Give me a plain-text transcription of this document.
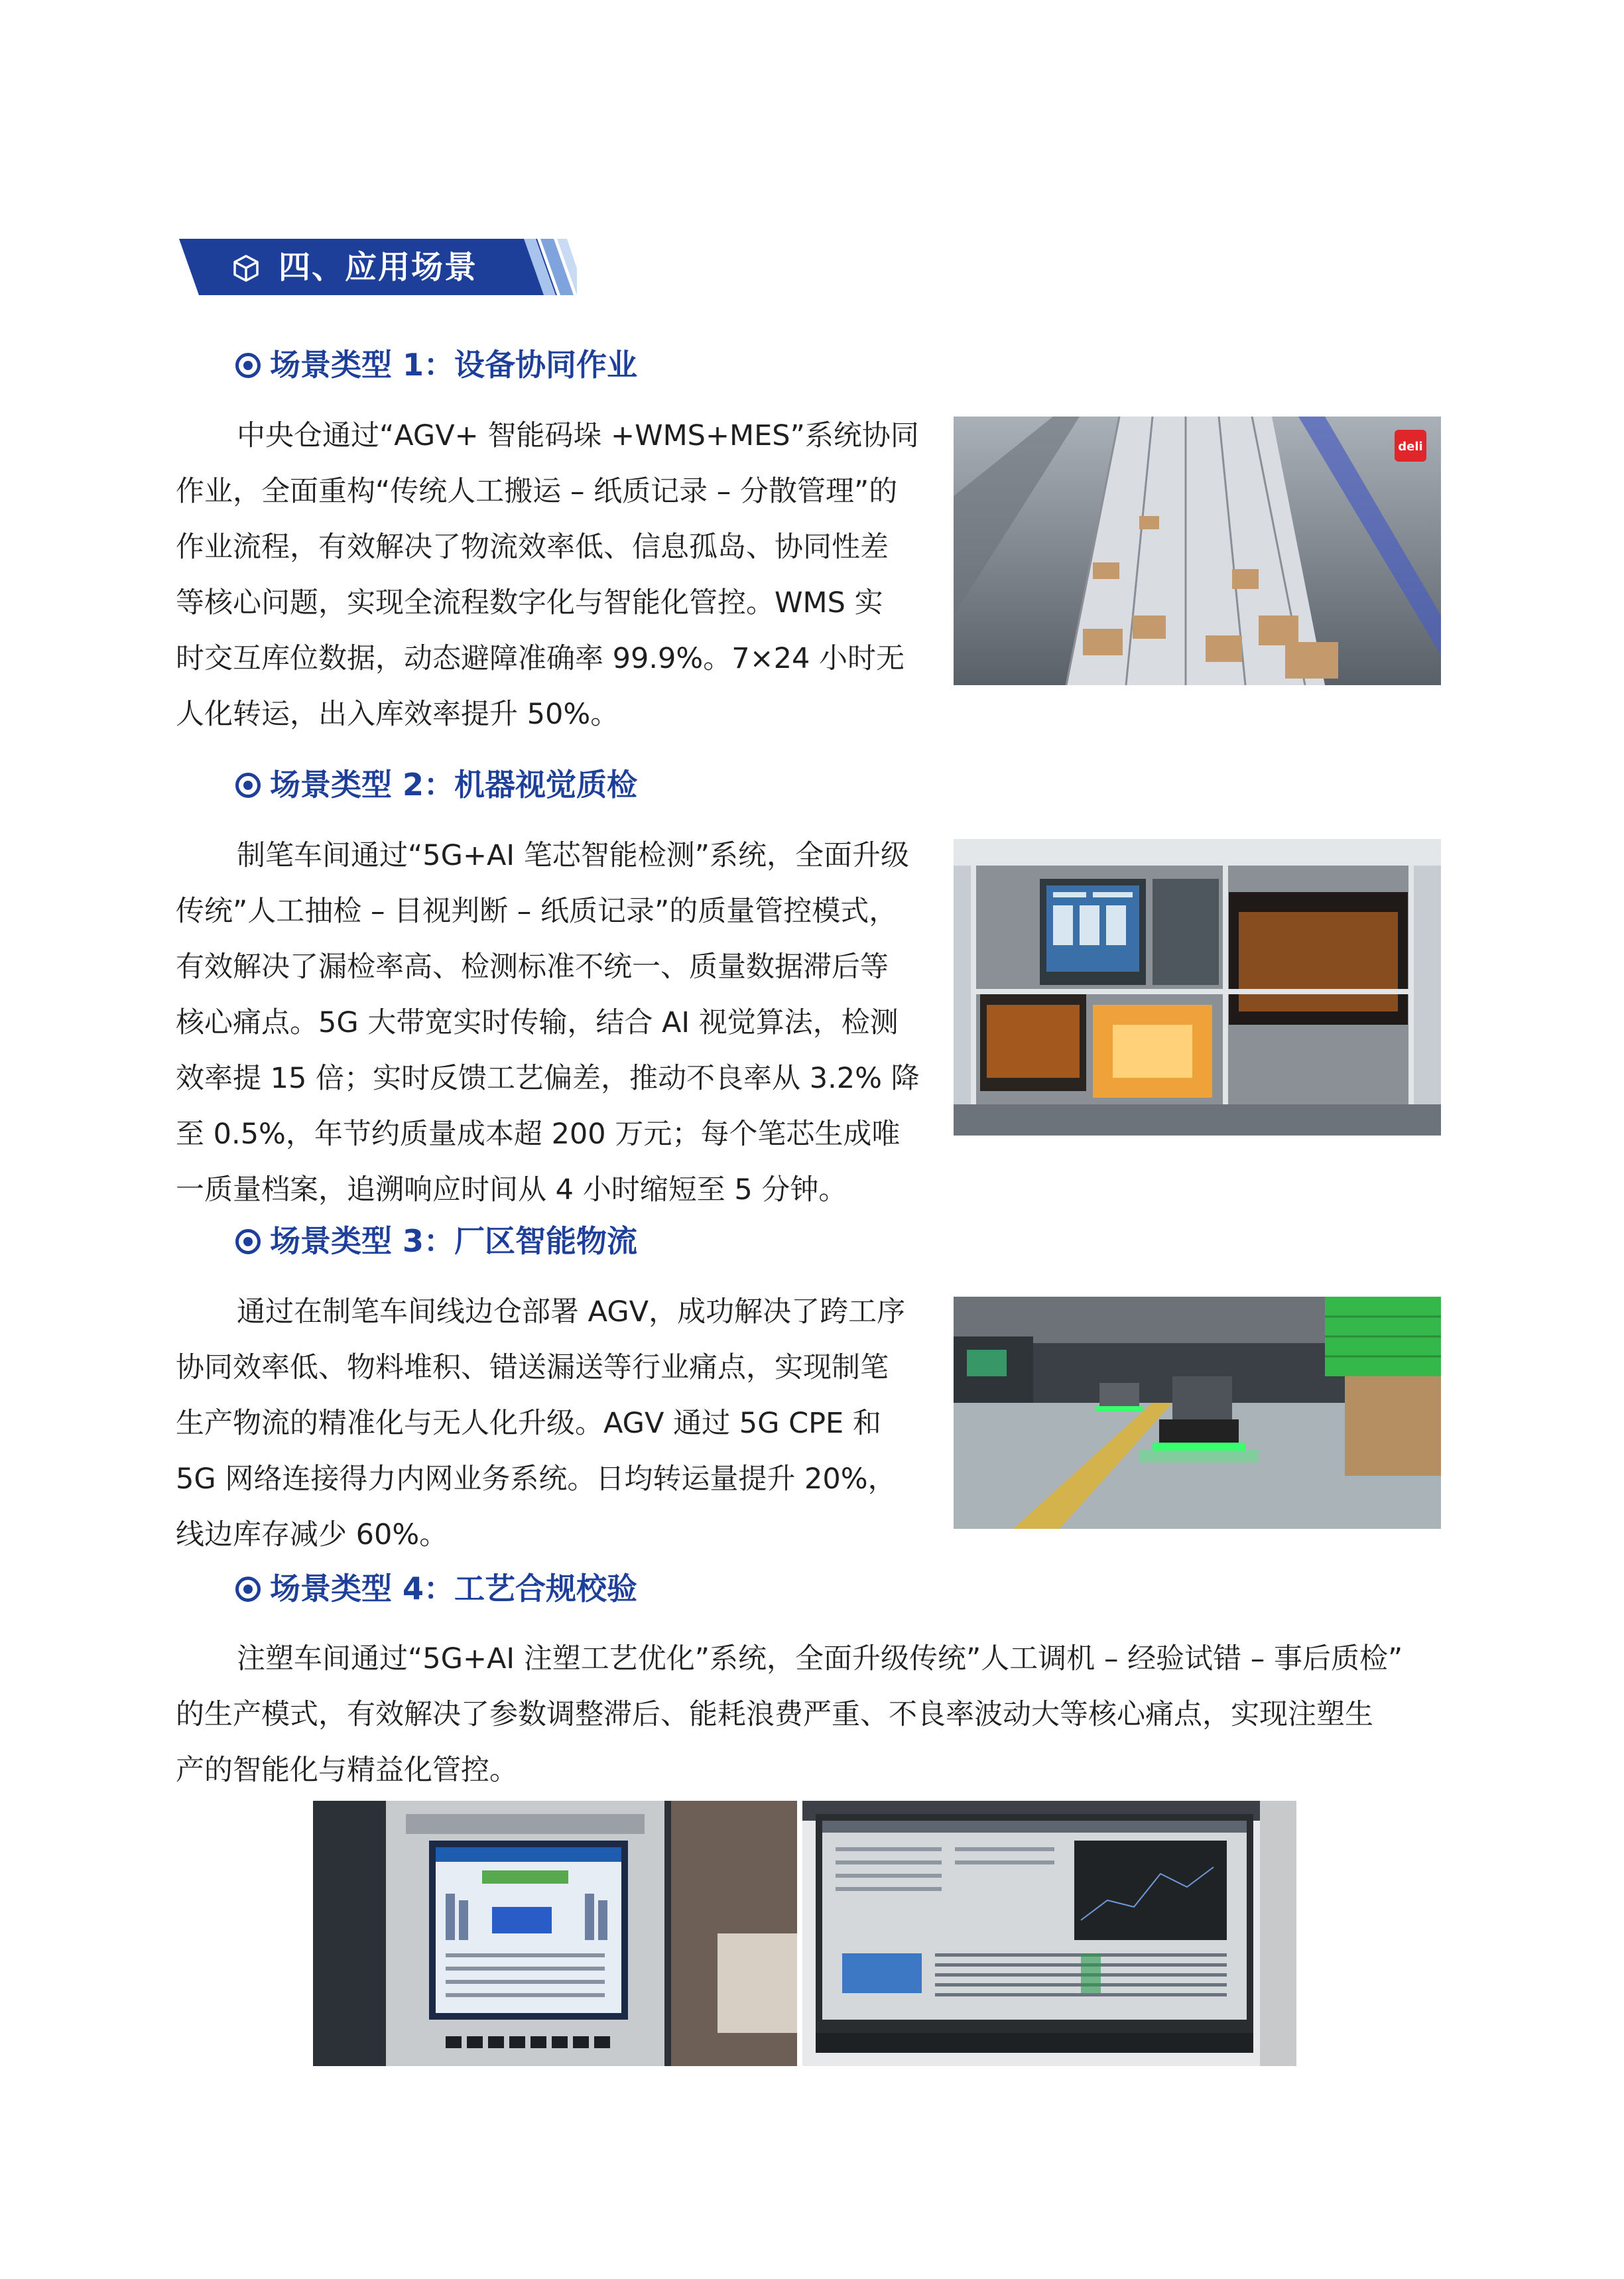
四、应用场景
场景类型 1：设备协同作业
中央仓通过“AGV+ 智能码垛 +WMS+MES”系统协同
作业，全面重构“传统人工搬运 – 纸质记录 – 分散管理”的
作业流程，有效解决了物流效率低、信息孤岛、协同性差
等核心问题，实现全流程数字化与智能化管控。WMS 实
时交互库位数据，动态避障准确率 99.9%。7×24 小时无
人化转运，出入库效率提升 50%。
deli
场景类型 2：机器视觉质检
制笔车间通过“5G+AI 笔芯智能检测”系统，全面升级
传统”人工抽检 – 目视判断 – 纸质记录”的质量管控模式，
有效解决了漏检率高、检测标准不统一、质量数据滞后等
核心痛点。5G 大带宽实时传输，结合 AI 视觉算法，检测
效率提 15 倍；实时反馈工艺偏差，推动不良率从 3.2% 降
至 0.5%，年节约质量成本超 200 万元；每个笔芯生成唯
一质量档案，追溯响应时间从 4 小时缩短至 5 分钟。
场景类型 3：厂区智能物流
通过在制笔车间线边仓部署 AGV，成功解决了跨工序
协同效率低、物料堆积、错送漏送等行业痛点，实现制笔
生产物流的精准化与无人化升级。AGV 通过 5G CPE 和
5G 网络连接得力内网业务系统。日均转运量提升 20%，
线边库存减少 60%。
场景类型 4：工艺合规校验
注塑车间通过“5G+AI 注塑工艺优化”系统，全面升级传统”人工调机 – 经验试错 – 事后质检”
的生产模式，有效解决了参数调整滞后、能耗浪费严重、不良率波动大等核心痛点，实现注塑生
产的智能化与精益化管控。
